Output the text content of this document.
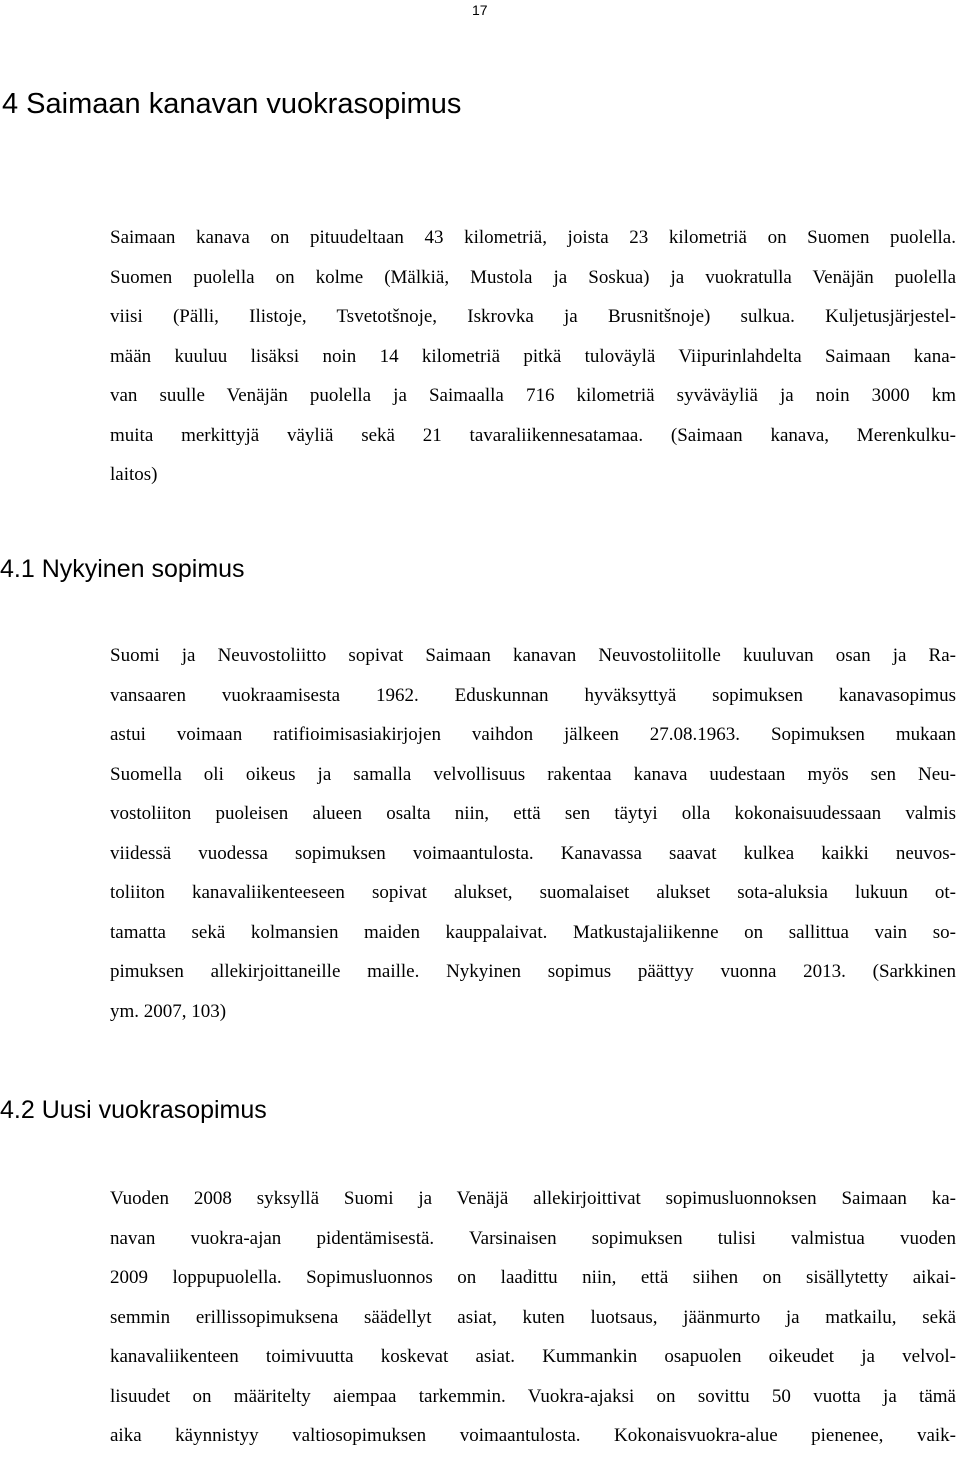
17
4 Saimaan kanavan vuokrasopimus
Saimaan kanava on pituudeltaan 43 kilometriä, joista 23 kilometriä on Suomen puolella.
Suomen puolella on kolme (Mälkiä, Mustola ja Soskua) ja vuokratulla Venäjän puolella
viisi (Pälli, Ilistoje, Tsvetotšnoje, Iskrovka ja Brusnitšnoje) sulkua. Kuljetusjärjestel-
mään kuuluu lisäksi noin 14 kilometriä pitkä tuloväylä Viipurinlahdelta Saimaan kana-
van suulle Venäjän puolella ja Saimaalla 716 kilometriä syväväyliä ja noin 3000 km
muita merkittyjä väyliä sekä 21 tavaraliikennesatamaa. (Saimaan kanava, Merenkulku-
laitos)
4.1 Nykyinen sopimus
Suomi ja Neuvostoliitto sopivat Saimaan kanavan Neuvostoliitolle kuuluvan osan ja Ra-
vansaaren vuokraamisesta 1962. Eduskunnan hyväksyttyä sopimuksen kanavasopimus
astui voimaan ratifioimisasiakirjojen vaihdon jälkeen 27.08.1963. Sopimuksen mukaan
Suomella oli oikeus ja samalla velvollisuus rakentaa kanava uudestaan myös sen Neu-
vostoliiton puoleisen alueen osalta niin, että sen täytyi olla kokonaisuudessaan valmis
viidessä vuodessa sopimuksen voimaantulosta. Kanavassa saavat kulkea kaikki neuvos-
toliiton kanavaliikenteeseen sopivat alukset, suomalaiset alukset sota-aluksia lukuun ot-
tamatta sekä kolmansien maiden kauppalaivat. Matkustajaliikenne on sallittua vain so-
pimuksen allekirjoittaneille maille. Nykyinen sopimus päättyy vuonna 2013. (Sarkkinen
ym. 2007, 103)
4.2 Uusi vuokrasopimus
Vuoden 2008 syksyllä Suomi ja Venäjä allekirjoittivat sopimusluonnoksen Saimaan ka-
navan vuokra-ajan pidentämisestä. Varsinaisen sopimuksen tulisi valmistua vuoden
2009 loppupuolella. Sopimusluonnos on laadittu niin, että siihen on sisällytetty aikai-
semmin erillissopimuksena säädellyt asiat, kuten luotsaus, jäänmurto ja matkailu, sekä
kanavaliikenteen toimivuutta koskevat asiat. Kummankin osapuolen oikeudet ja velvol-
lisuudet on määritelty aiempaa tarkemmin. Vuokra-ajaksi on sovittu 50 vuotta ja tämä
aika käynnistyy valtiosopimuksen voimaantulosta. Kokonaisvuokra-alue pienenee, vaik-
